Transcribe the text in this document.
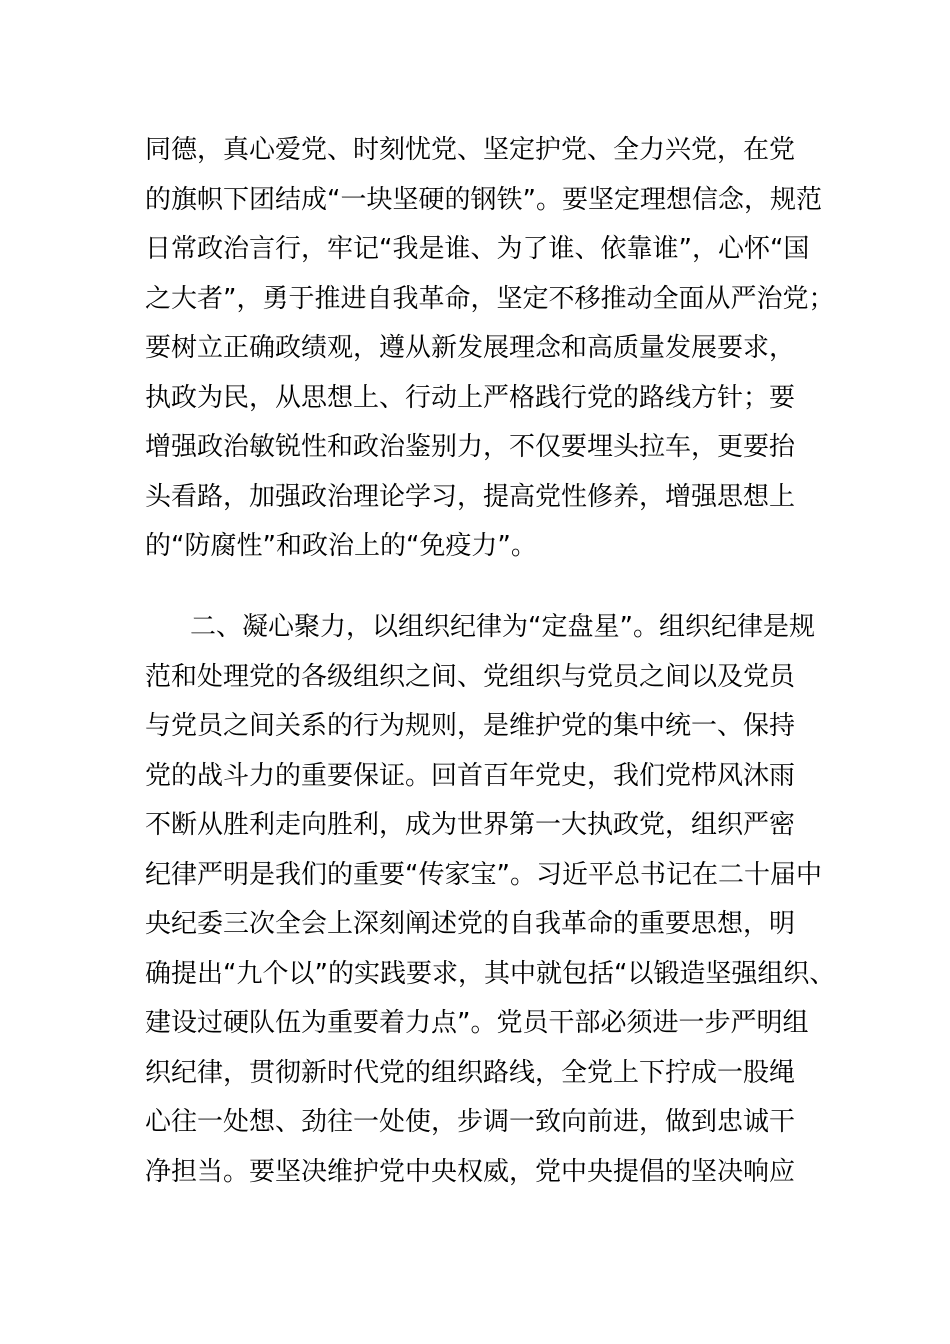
同德，真心爱党、时刻忧党、坚定护党、全力兴党，在党
的旗帜下团结成“一块坚硬的钢铁”。要坚定理想信念，规范
日常政治言行，牢记“我是谁、为了谁、依靠谁”，心怀“国
之大者”，勇于推进自我革命，坚定不移推动全面从严治党；
要树立正确政绩观，遵从新发展理念和高质量发展要求，
执政为民，从思想上、行动上严格践行党的路线方针；要
增强政治敏锐性和政治鉴别力，不仅要埋头拉车，更要抬
头看路，加强政治理论学习，提高党性修养，增强思想上
的“防腐性”和政治上的“免疫力”。
二、凝心聚力，以组织纪律为“定盘星”。组织纪律是规
范和处理党的各级组织之间、党组织与党员之间以及党员
与党员之间关系的行为规则，是维护党的集中统一、保持
党的战斗力的重要保证。回首百年党史，我们党栉风沐雨
不断从胜利走向胜利，成为世界第一大执政党，组织严密
纪律严明是我们的重要“传家宝”。习近平总书记在二十届中
央纪委三次全会上深刻阐述党的自我革命的重要思想，明
确提出“九个以”的实践要求，其中就包括“以锻造坚强组织、
建设过硬队伍为重要着力点”。党员干部必须进一步严明组
织纪律，贯彻新时代党的组织路线，全党上下拧成一股绳
心往一处想、劲往一处使，步调一致向前进，做到忠诚干
净担当。要坚决维护党中央权威，党中央提倡的坚决响应
